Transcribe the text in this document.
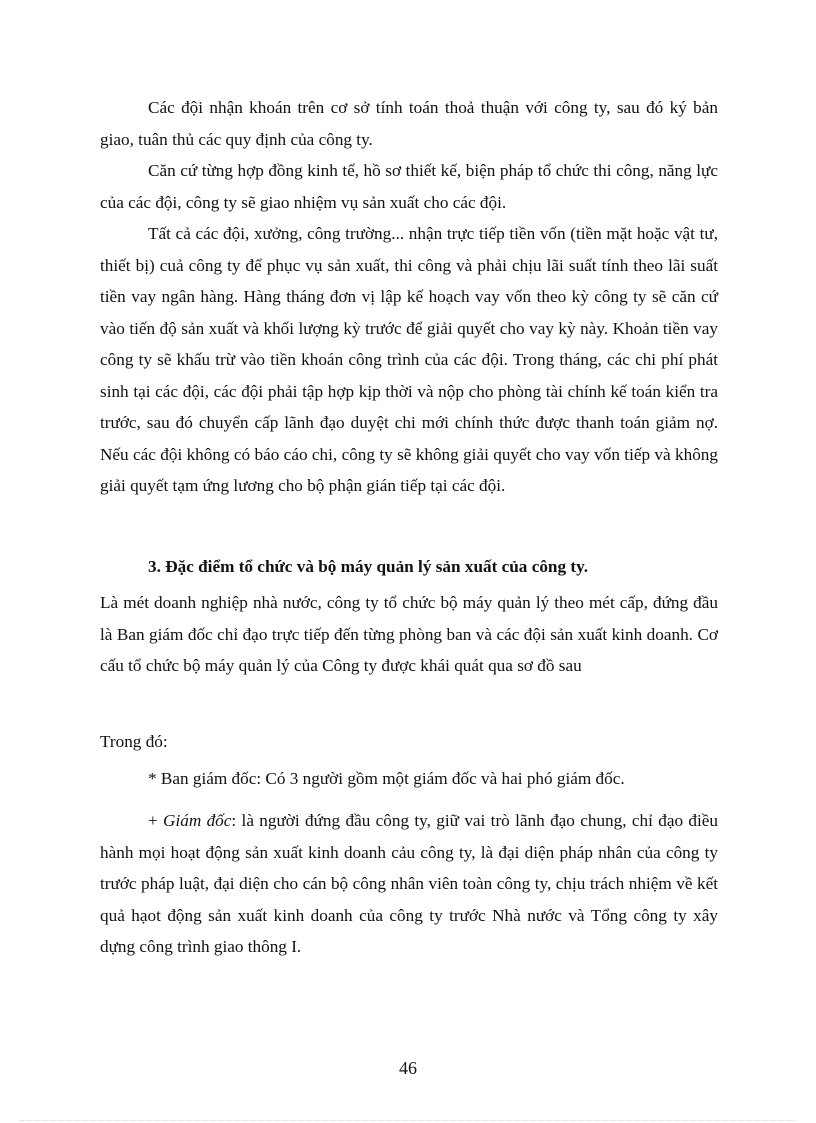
Các đội nhận khoán trên cơ sở tính toán thoả thuận với công ty, sau đó ký bản giao, tuân thủ các quy định của công ty.

Căn cứ từng hợp đồng kinh tế, hồ sơ thiết kế, biện pháp tổ chức thi công, năng lực của các đội, công ty sẽ giao nhiệm vụ sản xuất cho các đội.

Tất cả các đội, xưởng, công trường... nhận trực tiếp tiền vốn (tiền mặt hoặc vật tư, thiết bị) cuả công ty để phục vụ sản xuất, thi công và phải chịu lãi suất tính theo lãi suất tiền vay ngân hàng. Hàng tháng đơn vị lập kế hoạch vay vốn theo kỳ công ty sẽ căn cứ vào tiến độ sản xuất và khối lượng kỳ trước để giải quyết cho vay kỳ này. Khoản tiền vay công ty sẽ khấu trừ vào tiền khoán công trình của các đội. Trong tháng, các chi phí phát sinh tại các đội, các đội phải tập hợp kịp thời và nộp cho phòng tài chính kế toán kiển tra trước, sau đó chuyển cấp lãnh đạo duyệt chi mới chính thức được thanh toán giảm nợ. Nếu các đội không có báo cáo chi, công ty sẽ không giải quyết cho vay vốn tiếp và không giải quyết tạm ứng lương cho bộ phận gián tiếp tại các đội.

3. Đặc điểm tổ chức và bộ máy quản lý sản xuất của công ty.

Là mét doanh nghiệp nhà nước, công ty tổ chức bộ máy quản lý theo mét cấp, đứng đầu là Ban giám đốc chỉ đạo trực tiếp đến từng phòng ban và các đội sản xuất kinh doanh. Cơ cấu tổ chức bộ máy quản lý của Công ty được khái quát qua sơ đồ sau

Trong đó:

* Ban giám đốc: Có 3 người gồm một giám đốc và hai phó giám đốc.

+ Giám đốc: là người đứng đầu công ty, giữ vai trò lãnh đạo chung, chỉ đạo điều hành mọi hoạt động sản xuất kinh doanh cảu công ty, là đại diện pháp nhân của công ty trước pháp luật, đại diện cho cán bộ công nhân viên toàn công ty, chịu trách nhiệm về kết quả hạot động sản xuất kinh doanh của công ty trước Nhà nước và Tổng công ty xây dựng công trình giao thông I.

46
